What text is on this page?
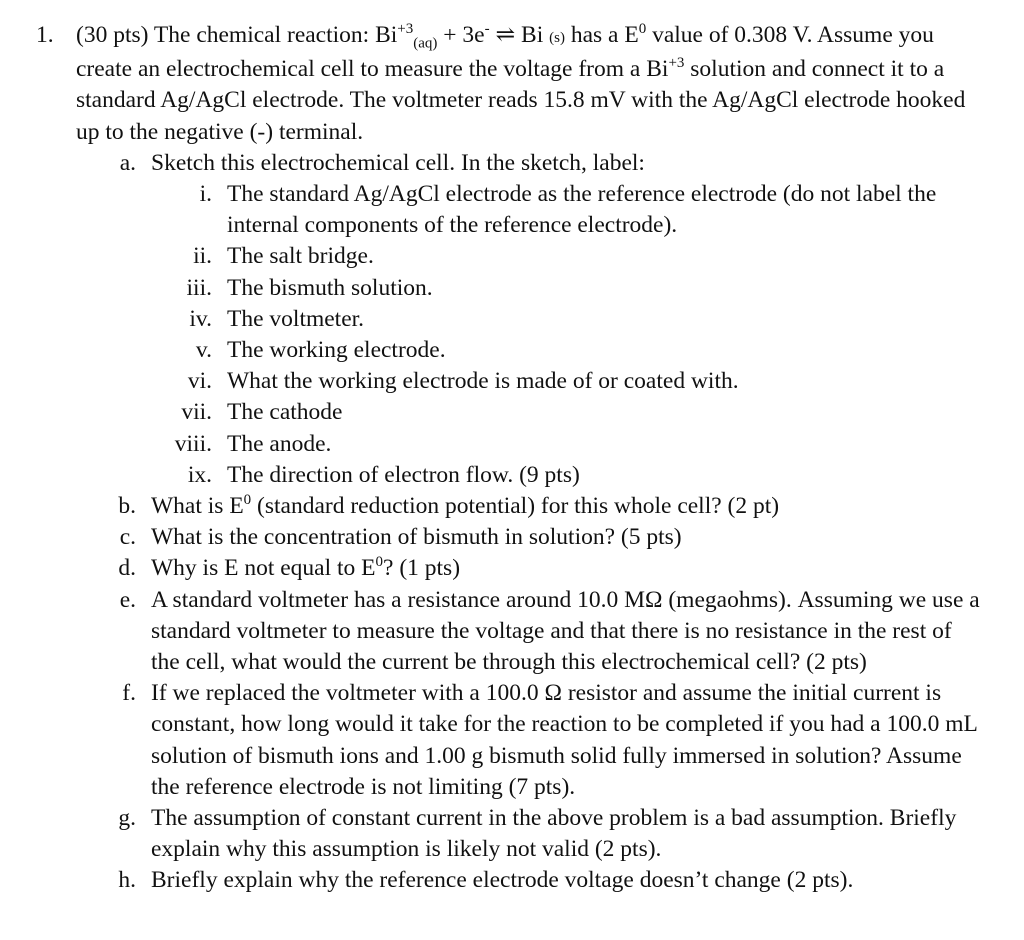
1. (30 pts) The chemical reaction: $Bi^{+3}_{(aq)} + 3e^-$ ⇌ Bi (s) has a $E^0$ value of 0.308 V. Assume you create an electrochemical cell to measure the voltage from a $Bi^{+3}$ solution and connect it to a standard Ag/AgCl electrode. The voltmeter reads 15.8 mV with the Ag/AgCl electrode hooked up to the negative (-) terminal.
a. Sketch this electrochemical cell. In the sketch, label:
i. The standard Ag/AgCl electrode as the reference electrode (do not label the internal components of the reference electrode).
ii. The salt bridge.
iii. The bismuth solution.
iv. The voltmeter.
v. The working electrode.
vi. What the working electrode is made of or coated with.
vii. The cathode
viii. The anode.
ix. The direction of electron flow. (9 pts)
b. What is $E^0$ (standard reduction potential) for this whole cell? (2 pt)
c. What is the concentration of bismuth in solution? (5 pts)
d. Why is E not equal to $E^0$? (1 pts)
e. A standard voltmeter has a resistance around 10.0 MΩ (megaohms). Assuming we use a standard voltmeter to measure the voltage and that there is no resistance in the rest of the cell, what would the current be through this electrochemical cell? (2 pts)
f. If we replaced the voltmeter with a 100.0 Ω resistor and assume the initial current is constant, how long would it take for the reaction to be completed if you had a 100.0 mL solution of bismuth ions and 1.00 g bismuth solid fully immersed in solution? Assume the reference electrode is not limiting (7 pts).
g. The assumption of constant current in the above problem is a bad assumption. Briefly explain why this assumption is likely not valid (2 pts).
h. Briefly explain why the reference electrode voltage doesn’t change (2 pts).
